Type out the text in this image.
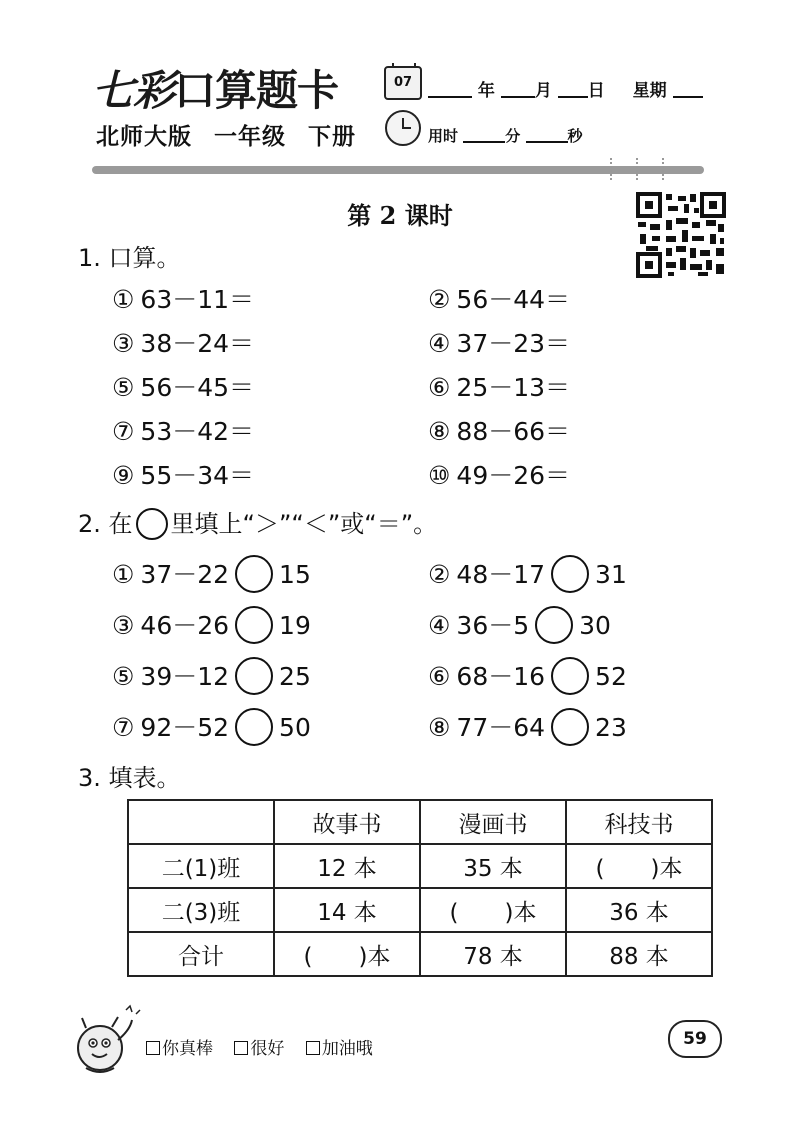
七彩口算题卡	07	年 月 日 星期
北师大版 一年级 下册	用时	分	秒
第 2 课时
1. 口算。
① 63－11＝	② 56－44＝
③ 38－24＝	④ 37－23＝
⑤ 56－45＝	⑥ 25－13＝
⑦ 53－42＝	⑧ 88－66＝
⑨ 55－34＝	⑩ 49－26＝
2. 在 里填上“＞”“＜”或“＝”。
① 37－22 15	② 48－17 31
③ 46－26 19	④ 36－5 30
⑤ 39－12 25	⑥ 68－16 52
⑦ 92－52 50	⑧ 77－64 23
3. 填表。
	故事书	漫画书	科技书
二(1)班	12 本	35 本	(　　)本
二(3)班	14 本	(　　)本	36 本
合计	(　　)本	78 本	88 本
你真棒 很好 加油哦	59
